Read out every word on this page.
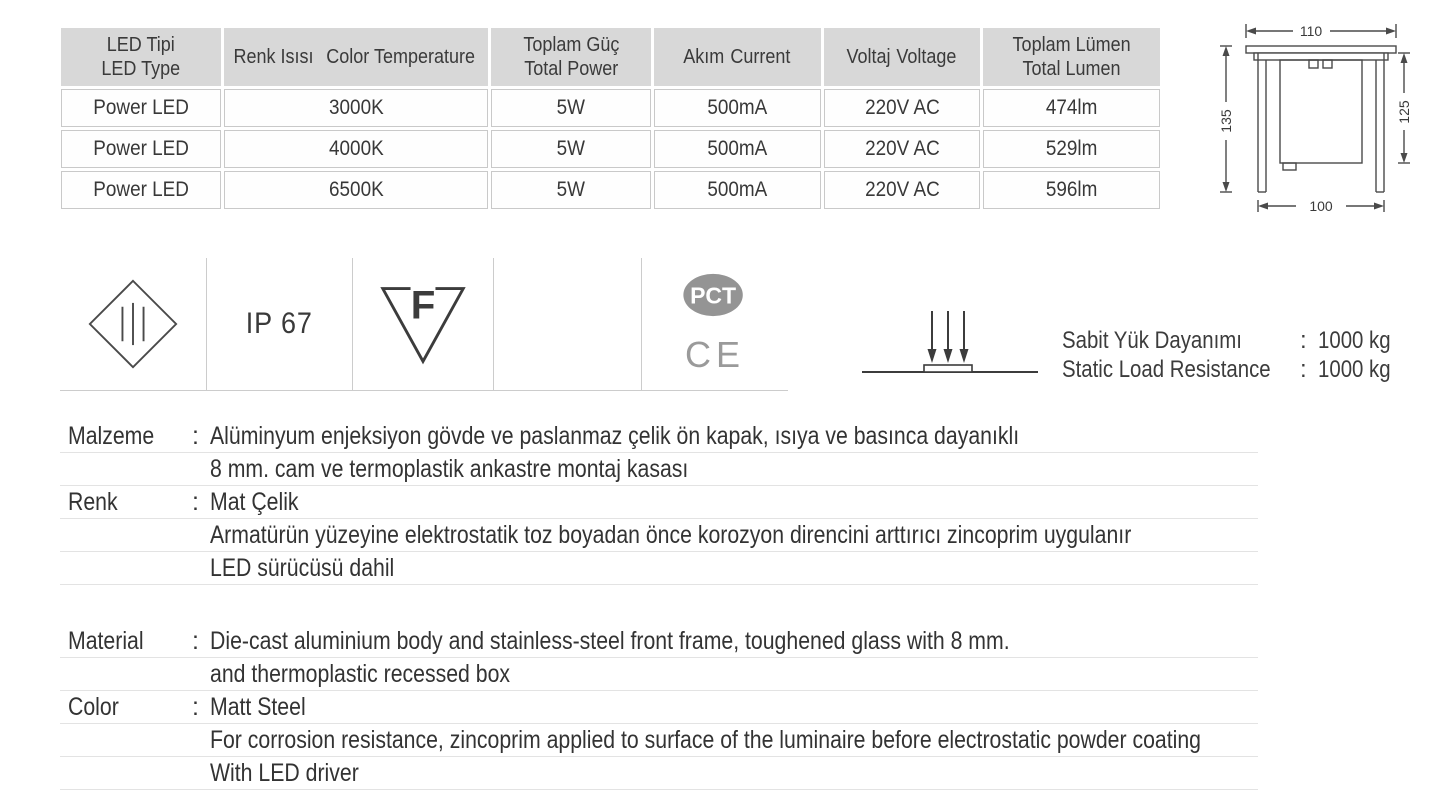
LED TipiLED Type	Renk Isısı Color Temperature	Toplam GüçTotal Power	Akım Current	Voltaj Voltage	Toplam LümenTotal Lumen
Power LED	3000K	5W	500mA	220V AC	474lm
Power LED	4000K	5W	500mA	220V AC	529lm
Power LED	6500K	5W	500mA	220V AC	596lm
110
135	125
100
IP 67 F	PCT
CE	Sabit Yük Dayanımı	: 1000 kg
Static Load Resistance	: 1000 kg
Malzeme	: Alüminyum enjeksiyon gövde ve paslanmaz çelik ön kapak, ısıya ve basınca dayanıklı
8 mm. cam ve termoplastik ankastre montaj kasası
Renk	: Mat Çelik
Armatürün yüzeyine elektrostatik toz boyadan önce korozyon direncini arttırıcı zincoprim uygulanır
LED sürücüsü dahil
Material	: Die-cast aluminium body and stainless-steel front frame, toughened glass with 8 mm.
and thermoplastic recessed box
Color	: Matt Steel
For corrosion resistance, zincoprim applied to surface of the luminaire before electrostatic powder coating
With LED driver
